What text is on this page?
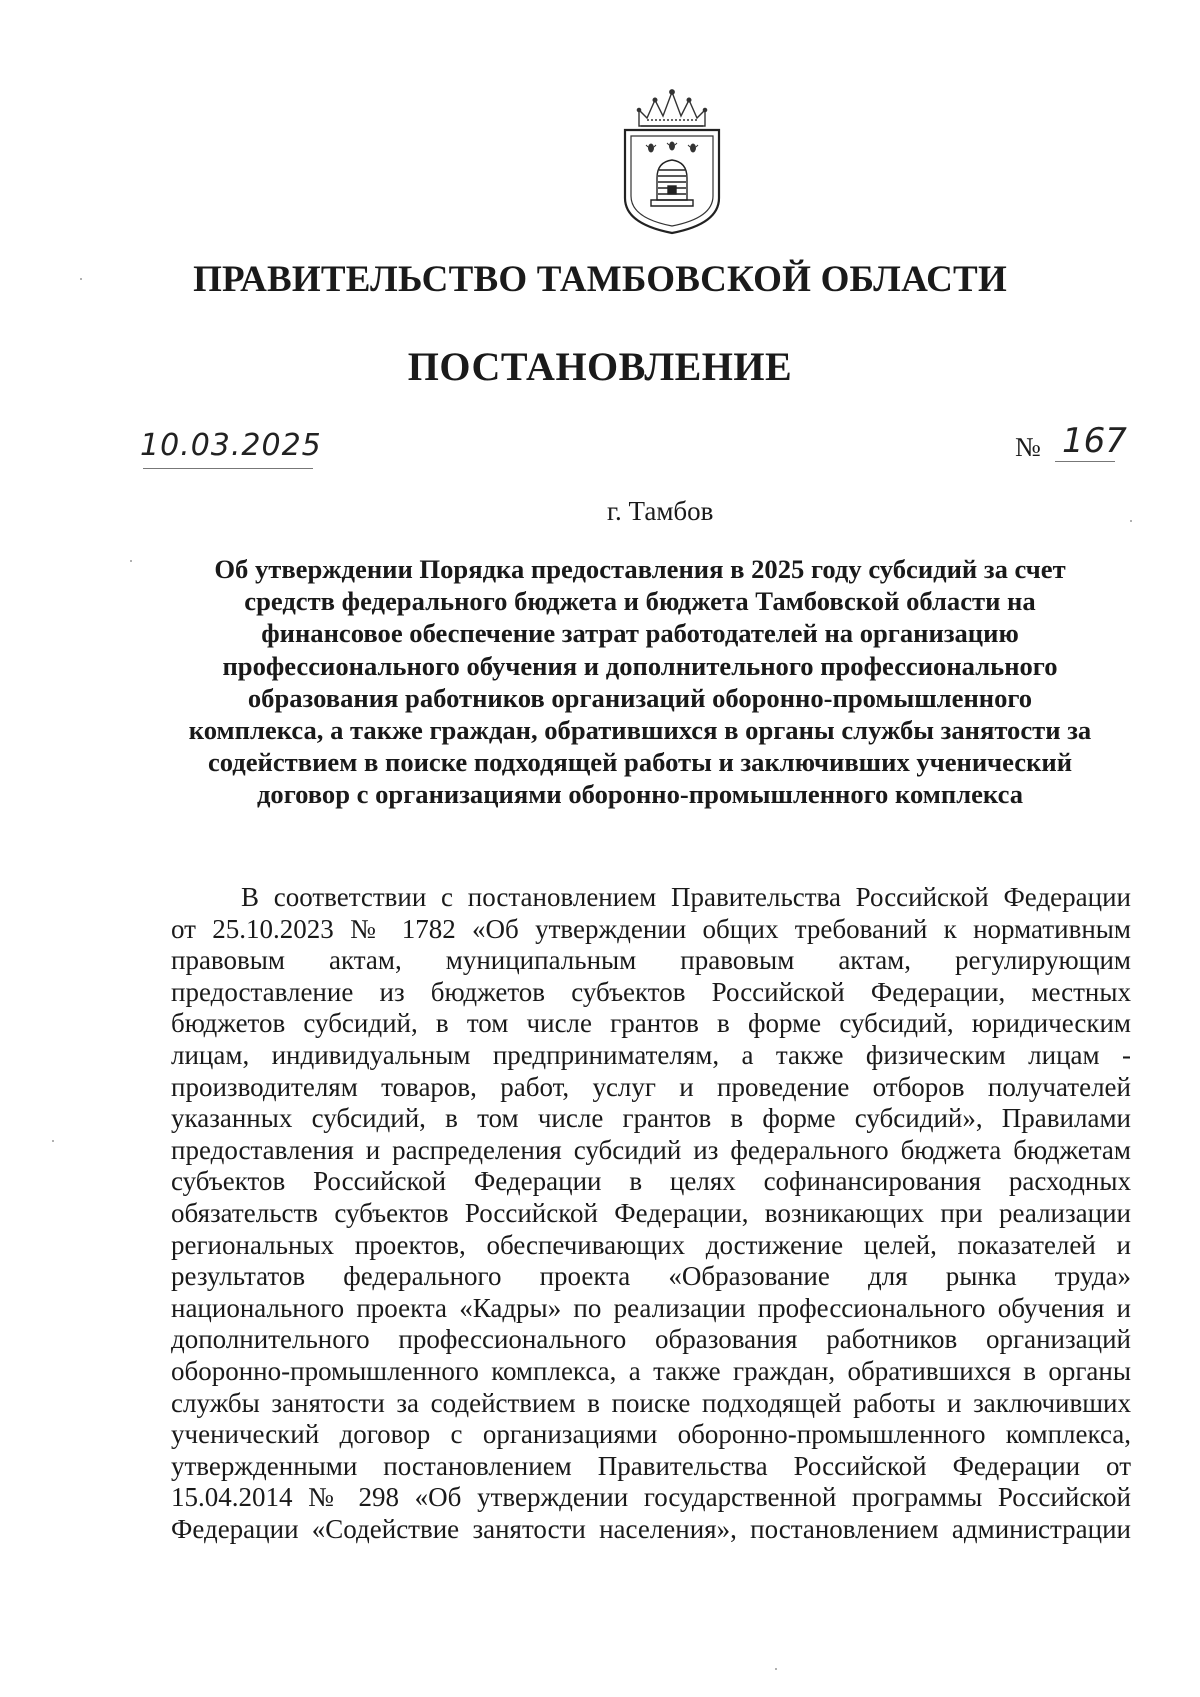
ПРАВИТЕЛЬСТВО ТАМБОВСКОЙ ОБЛАСТИ
ПОСТАНОВЛЕНИЕ
10.03.2025	№ 167
г. Тамбов
Об утверждении Порядка предоставления в 2025 году субсидий за счет
средств федерального бюджета и бюджета Тамбовской области на
финансовое обеспечение затрат работодателей на организацию
профессионального обучения и дополнительного профессионального
образования работников организаций оборонно-промышленного
комплекса, а также граждан, обратившихся в органы службы занятости за
содействием в поиске подходящей работы и заключивших ученический
договор с организациями оборонно-промышленного комплекса
В соответствии с постановлением Правительства Российской Федерации
от 25.10.2023 № 1782 «Об утверждении общих требований к нормативным
правовым актам, муниципальным правовым актам, регулирующим
предоставление из бюджетов субъектов Российской Федерации, местных
бюджетов субсидий, в том числе грантов в форме субсидий, юридическим
лицам, индивидуальным предпринимателям, а также физическим лицам -
производителям товаров, работ, услуг и проведение отборов получателей
указанных субсидий, в том числе грантов в форме субсидий», Правилами
предоставления и распределения субсидий из федерального бюджета бюджетам
субъектов Российской Федерации в целях софинансирования расходных
обязательств субъектов Российской Федерации, возникающих при реализации
региональных проектов, обеспечивающих достижение целей, показателей и
результатов федерального проекта «Образование для рынка труда»
национального проекта «Кадры» по реализации профессионального обучения и
дополнительного профессионального образования работников организаций
оборонно-промышленного комплекса, а также граждан, обратившихся в органы
службы занятости за содействием в поиске подходящей работы и заключивших
ученический договор с организациями оборонно-промышленного комплекса,
утвержденными постановлением Правительства Российской Федерации от
15.04.2014 № 298 «Об утверждении государственной программы Российской
Федерации «Содействие занятости населения», постановлением администрации
